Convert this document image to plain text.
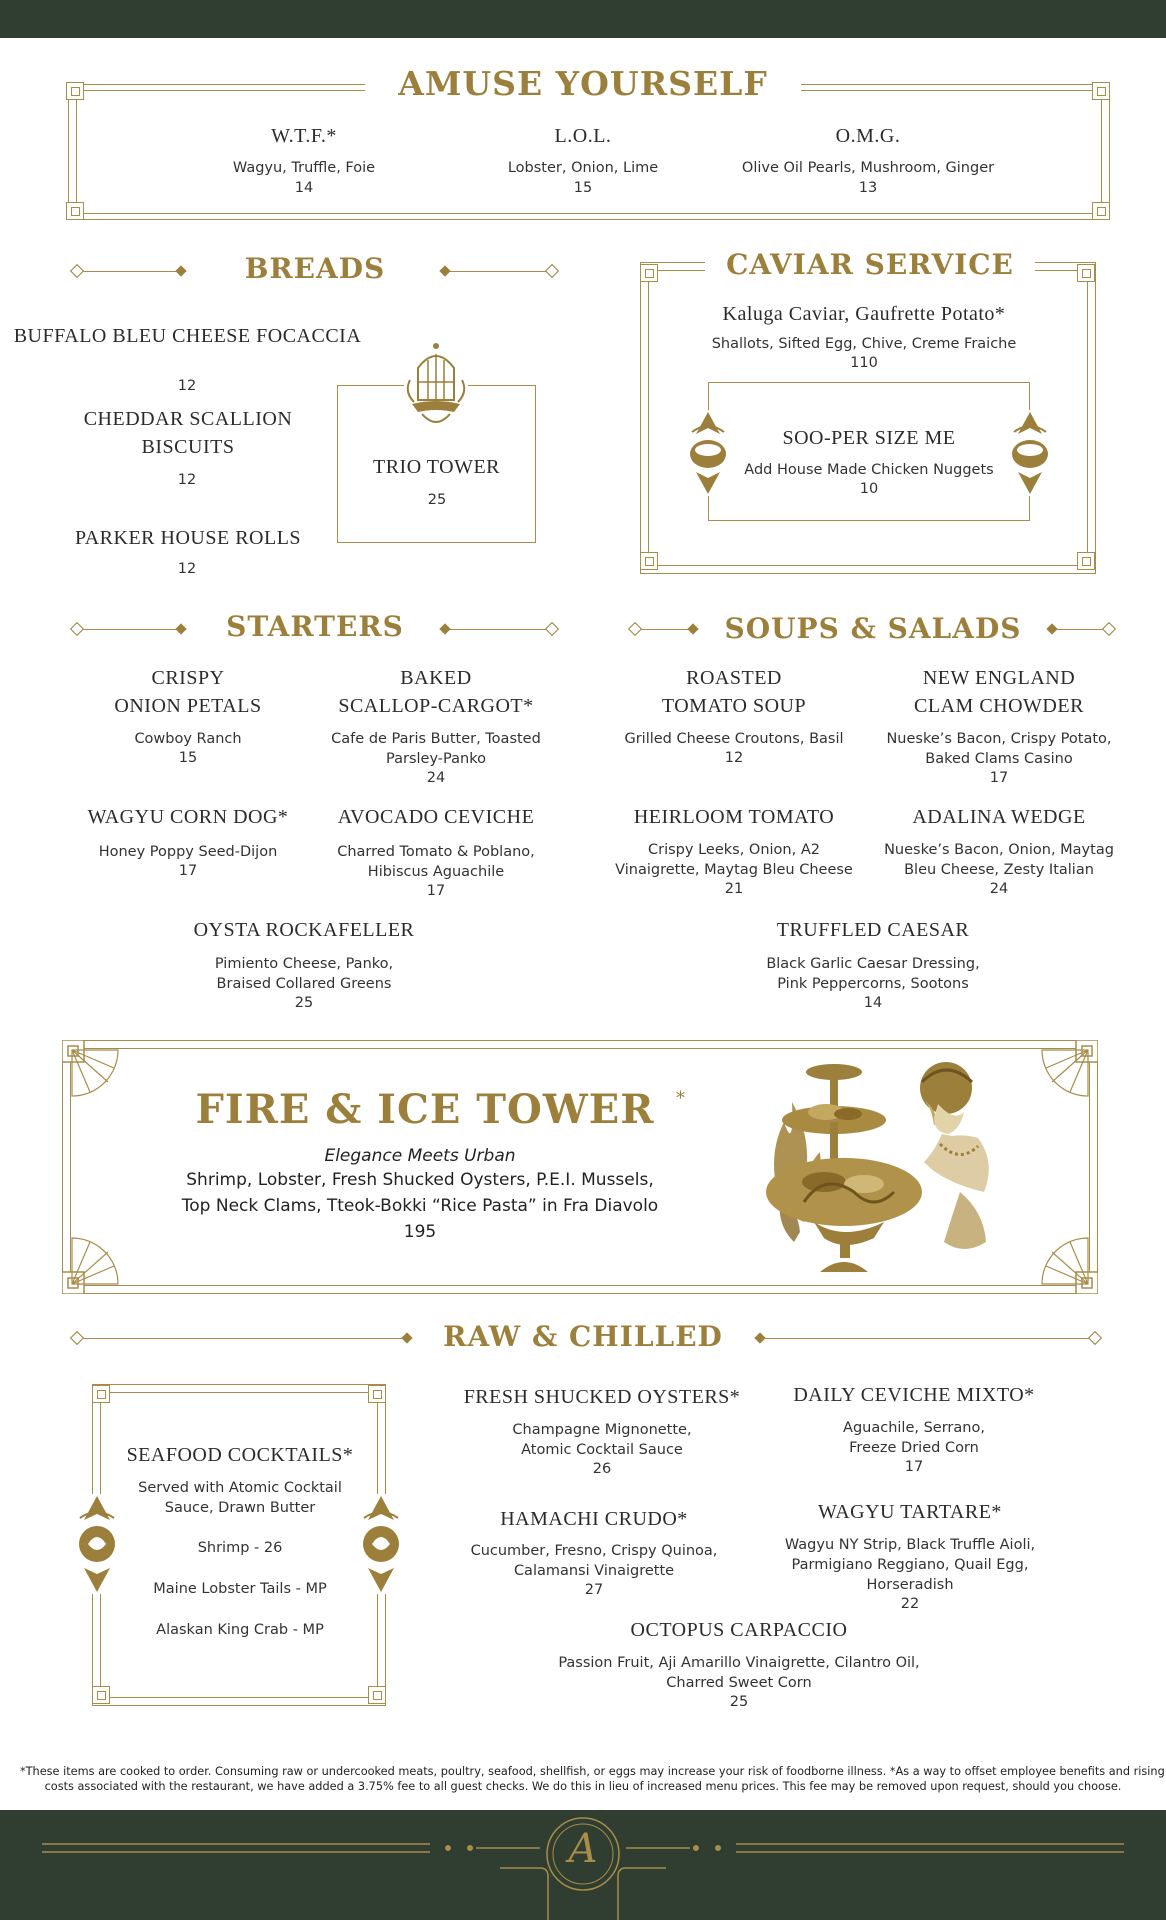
AMUSE YOURSELF
W.T.F.*
Wagyu, Truffle, Foie
14
L.O.L.
Lobster, Onion, Lime
15
O.M.G.
Olive Oil Pearls, Mushroom, Ginger
13
BREADS
BUFFALO BLEU CHEESE FOCACCIA
12
CHEDDAR SCALLION
BISCUITS
12
PARKER HOUSE ROLLS
12
TRIO TOWER
25
CAVIAR SERVICE
Kaluga Caviar, Gaufrette Potato*
Shallots, Sifted Egg, Chive, Creme Fraiche
110
SOO-PER SIZE ME
Add House Made Chicken Nuggets
10
STARTERS
CRISPY
ONION PETALS
Cowboy Ranch
15
BAKED
SCALLOP-CARGOT*
Cafe de Paris Butter, Toasted
Parsley-Panko
24
WAGYU CORN DOG*
Honey Poppy Seed-Dijon
17
AVOCADO CEVICHE
Charred Tomato & Poblano,
Hibiscus Aguachile
17
OYSTA ROCKAFELLER
Pimiento Cheese, Panko,
Braised Collared Greens
25
SOUPS & SALADS
ROASTED
TOMATO SOUP
Grilled Cheese Croutons, Basil
12
NEW ENGLAND
CLAM CHOWDER
Nueske’s Bacon, Crispy Potato,
Baked Clams Casino
17
HEIRLOOM TOMATO
Crispy Leeks, Onion, A2
Vinaigrette, Maytag Bleu Cheese
21
ADALINA WEDGE
Nueske’s Bacon, Onion, Maytag
Bleu Cheese, Zesty Italian
24
TRUFFLED CAESAR
Black Garlic Caesar Dressing,
Pink Peppercorns, Sootons
14
FIRE & ICE TOWER	*
Elegance Meets Urban
Shrimp, Lobster, Fresh Shucked Oysters, P.E.I. Mussels,
Top Neck Clams, Tteok-Bokki “Rice Pasta” in Fra Diavolo
195
RAW & CHILLED
SEAFOOD COCKTAILS*
Served with Atomic Cocktail
Sauce, Drawn Butter
Shrimp - 26
Maine Lobster Tails - MP
Alaskan King Crab - MP
FRESH SHUCKED OYSTERS*
Champagne Mignonette,
Atomic Cocktail Sauce
26
DAILY CEVICHE MIXTO*
Aguachile, Serrano,
Freeze Dried Corn
17
HAMACHI CRUDO*
Cucumber, Fresno, Crispy Quinoa,
Calamansi Vinaigrette
27
WAGYU TARTARE*
Wagyu NY Strip, Black Truffle Aioli,
Parmigiano Reggiano, Quail Egg,
Horseradish
22
OCTOPUS CARPACCIO
Passion Fruit, Aji Amarillo Vinaigrette, Cilantro Oil,
Charred Sweet Corn
25
*These items are cooked to order. Consuming raw or undercooked meats, poultry, seafood, shellfish, or eggs may increase your risk of foodborne illness. *As a way to offset employee benefits and rising
costs associated with the restaurant, we have added a 3.75% fee to all guest checks. We do this in lieu of increased menu prices. This fee may be removed upon request, should you choose.
A
